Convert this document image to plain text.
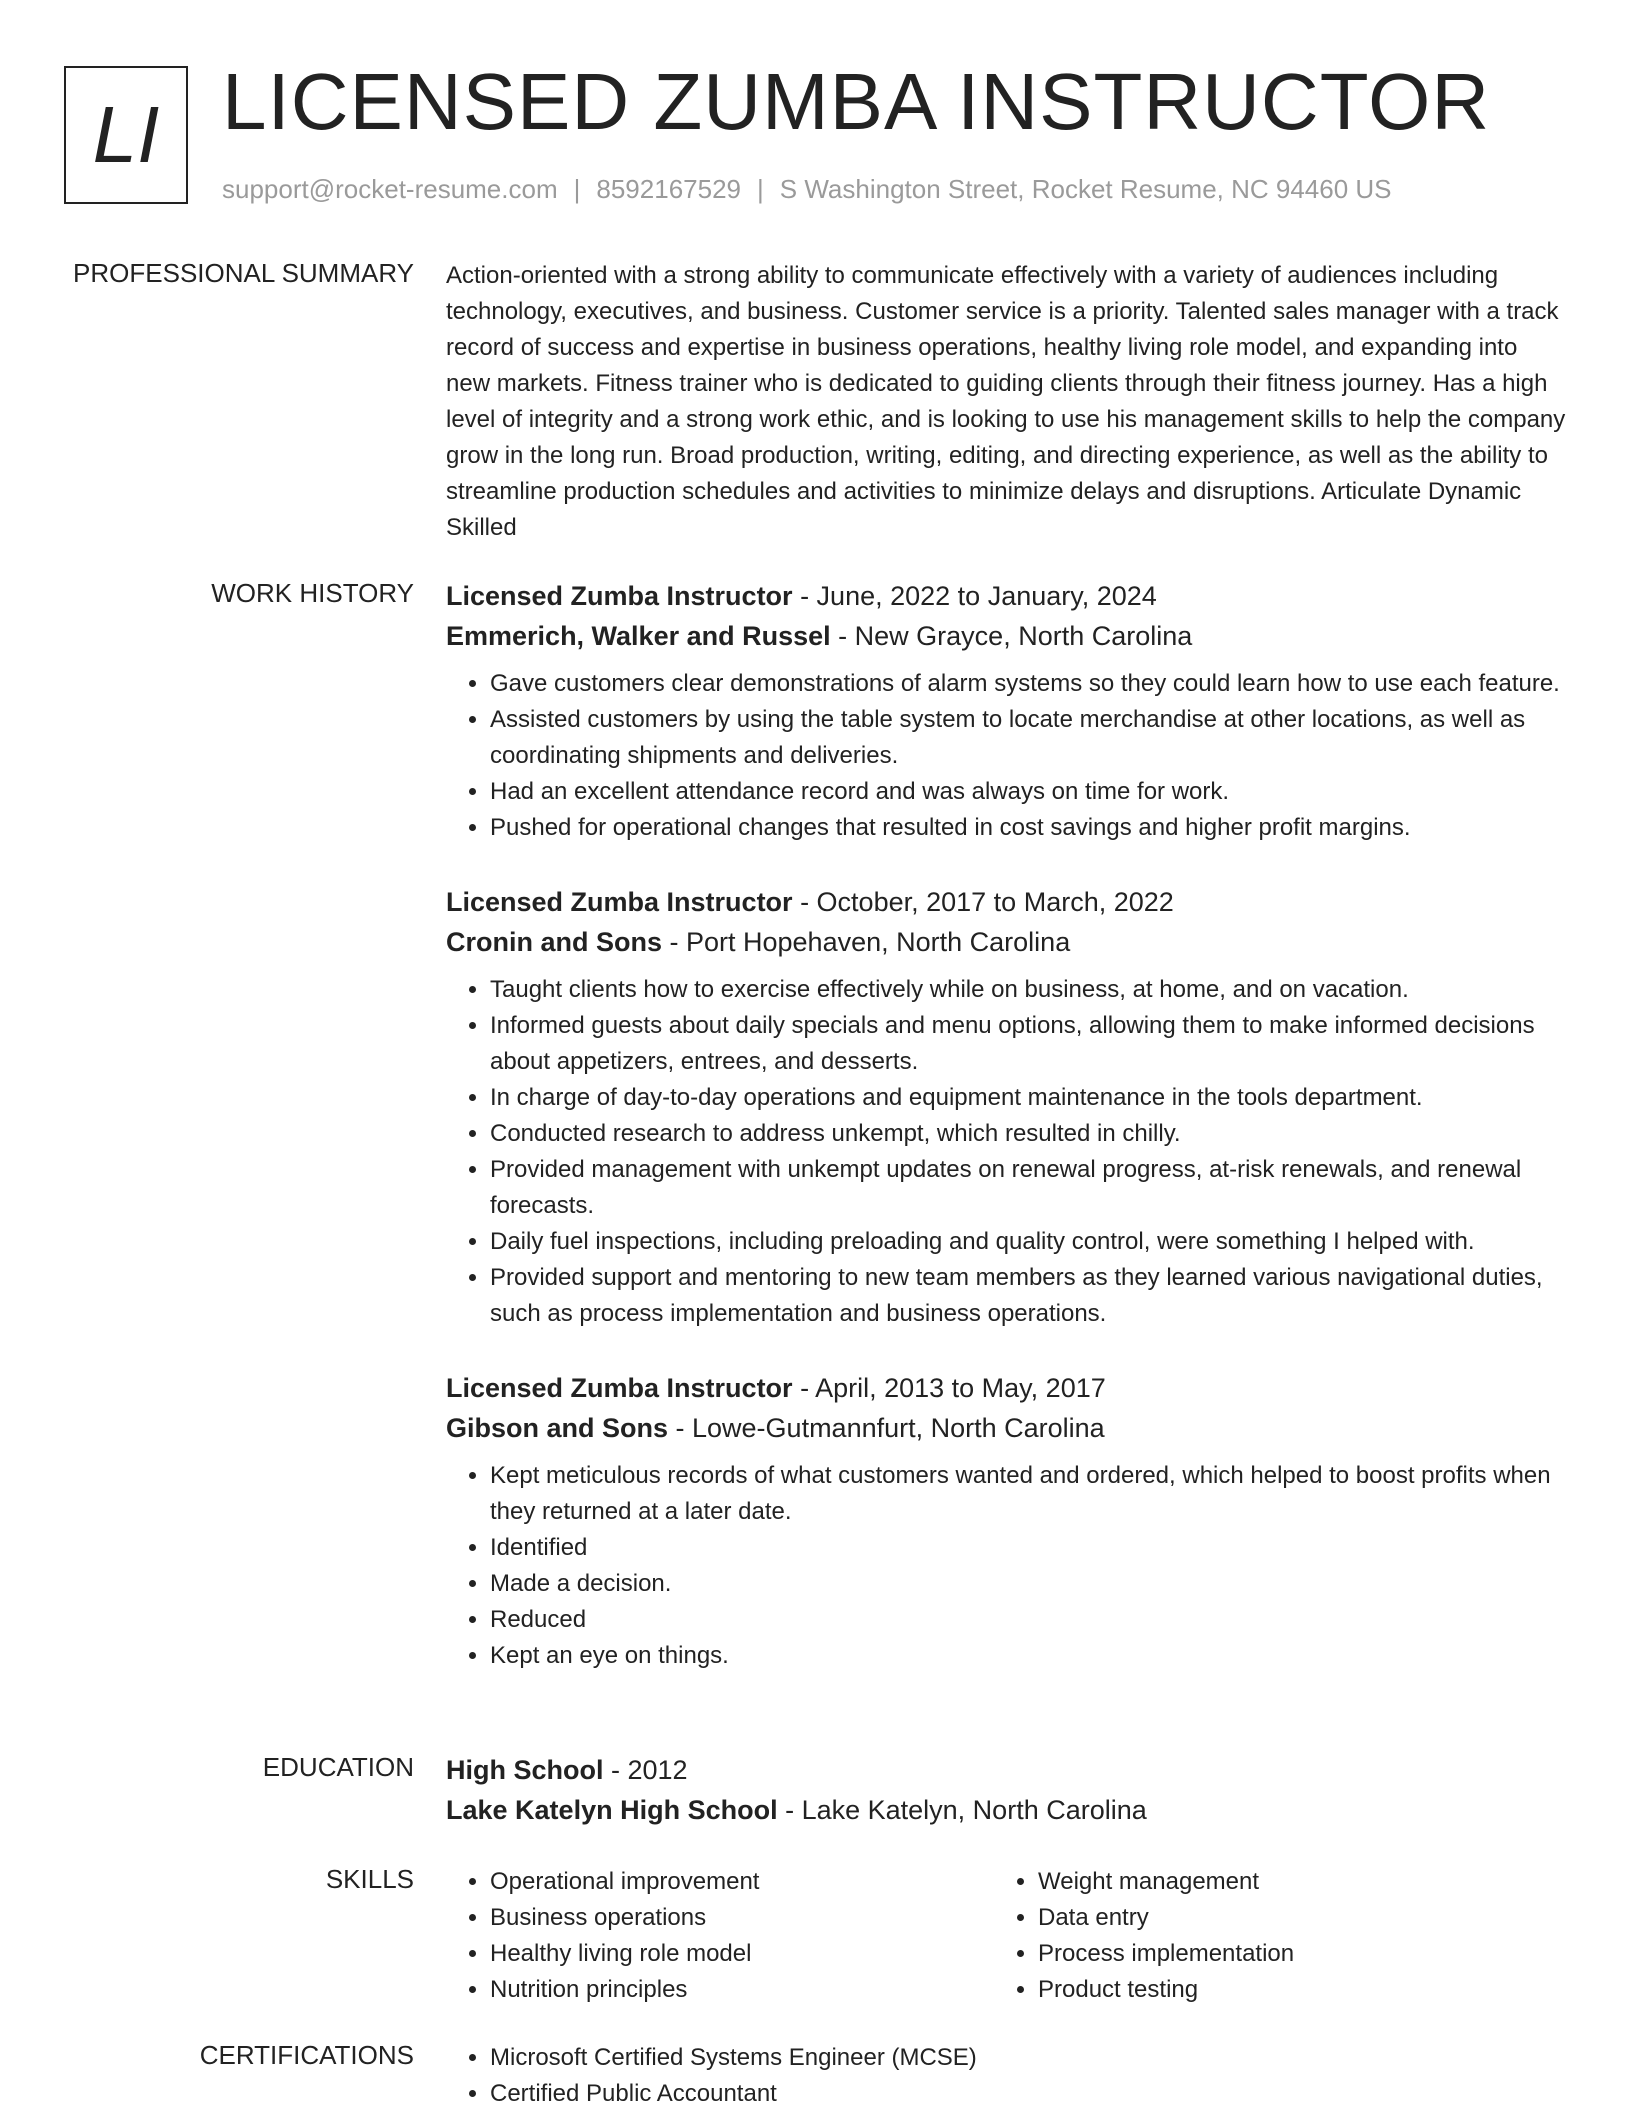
LI LICENSED ZUMBA INSTRUCTOR
support@rocket-resume.com | 8592167529 | S Washington Street, Rocket Resume, NC 94460 US
PROFESSIONAL SUMMARY Action-oriented with a strong ability to communicate effectively with a variety of audiences including technology, executives, and business. Customer service is a priority. Talented sales manager with a track record of success and expertise in business operations, healthy living role model, and expanding into new markets. Fitness trainer who is dedicated to guiding clients through their fitness journey. Has a high level of integrity and a strong work ethic, and is looking to use his management skills to help the company grow in the long run. Broad production, writing, editing, and directing experience, as well as the ability to streamline production schedules and activities to minimize delays and disruptions. Articulate Dynamic Skilled
WORK HISTORY Licensed Zumba Instructor - June, 2022 to January, 2024
Emmerich, Walker and Russel - New Grayce, North Carolina
• Gave customers clear demonstrations of alarm systems so they could learn how to use each feature.
• Assisted customers by using the table system to locate merchandise at other locations, as well as coordinating shipments and deliveries.
• Had an excellent attendance record and was always on time for work.
• Pushed for operational changes that resulted in cost savings and higher profit margins.
Licensed Zumba Instructor - October, 2017 to March, 2022
Cronin and Sons - Port Hopehaven, North Carolina
• Taught clients how to exercise effectively while on business, at home, and on vacation.
• Informed guests about daily specials and menu options, allowing them to make informed decisions about appetizers, entrees, and desserts.
• In charge of day-to-day operations and equipment maintenance in the tools department.
• Conducted research to address unkempt, which resulted in chilly.
• Provided management with unkempt updates on renewal progress, at-risk renewals, and renewal forecasts.
• Daily fuel inspections, including preloading and quality control, were something I helped with.
• Provided support and mentoring to new team members as they learned various navigational duties, such as process implementation and business operations.
Licensed Zumba Instructor - April, 2013 to May, 2017
Gibson and Sons - Lowe-Gutmannfurt, North Carolina
• Kept meticulous records of what customers wanted and ordered, which helped to boost profits when they returned at a later date.
• Identified
• Made a decision.
• Reduced
• Kept an eye on things.
EDUCATION High School - 2012
Lake Katelyn High School - Lake Katelyn, North Carolina
SKILLS	• Operational improvement
• Business operations
• Healthy living role model
• Nutrition principles
• Weight management
• Data entry
• Process implementation
• Product testing
CERTIFICATIONS	• Microsoft Certified Systems Engineer (MCSE)
• Certified Public Accountant
